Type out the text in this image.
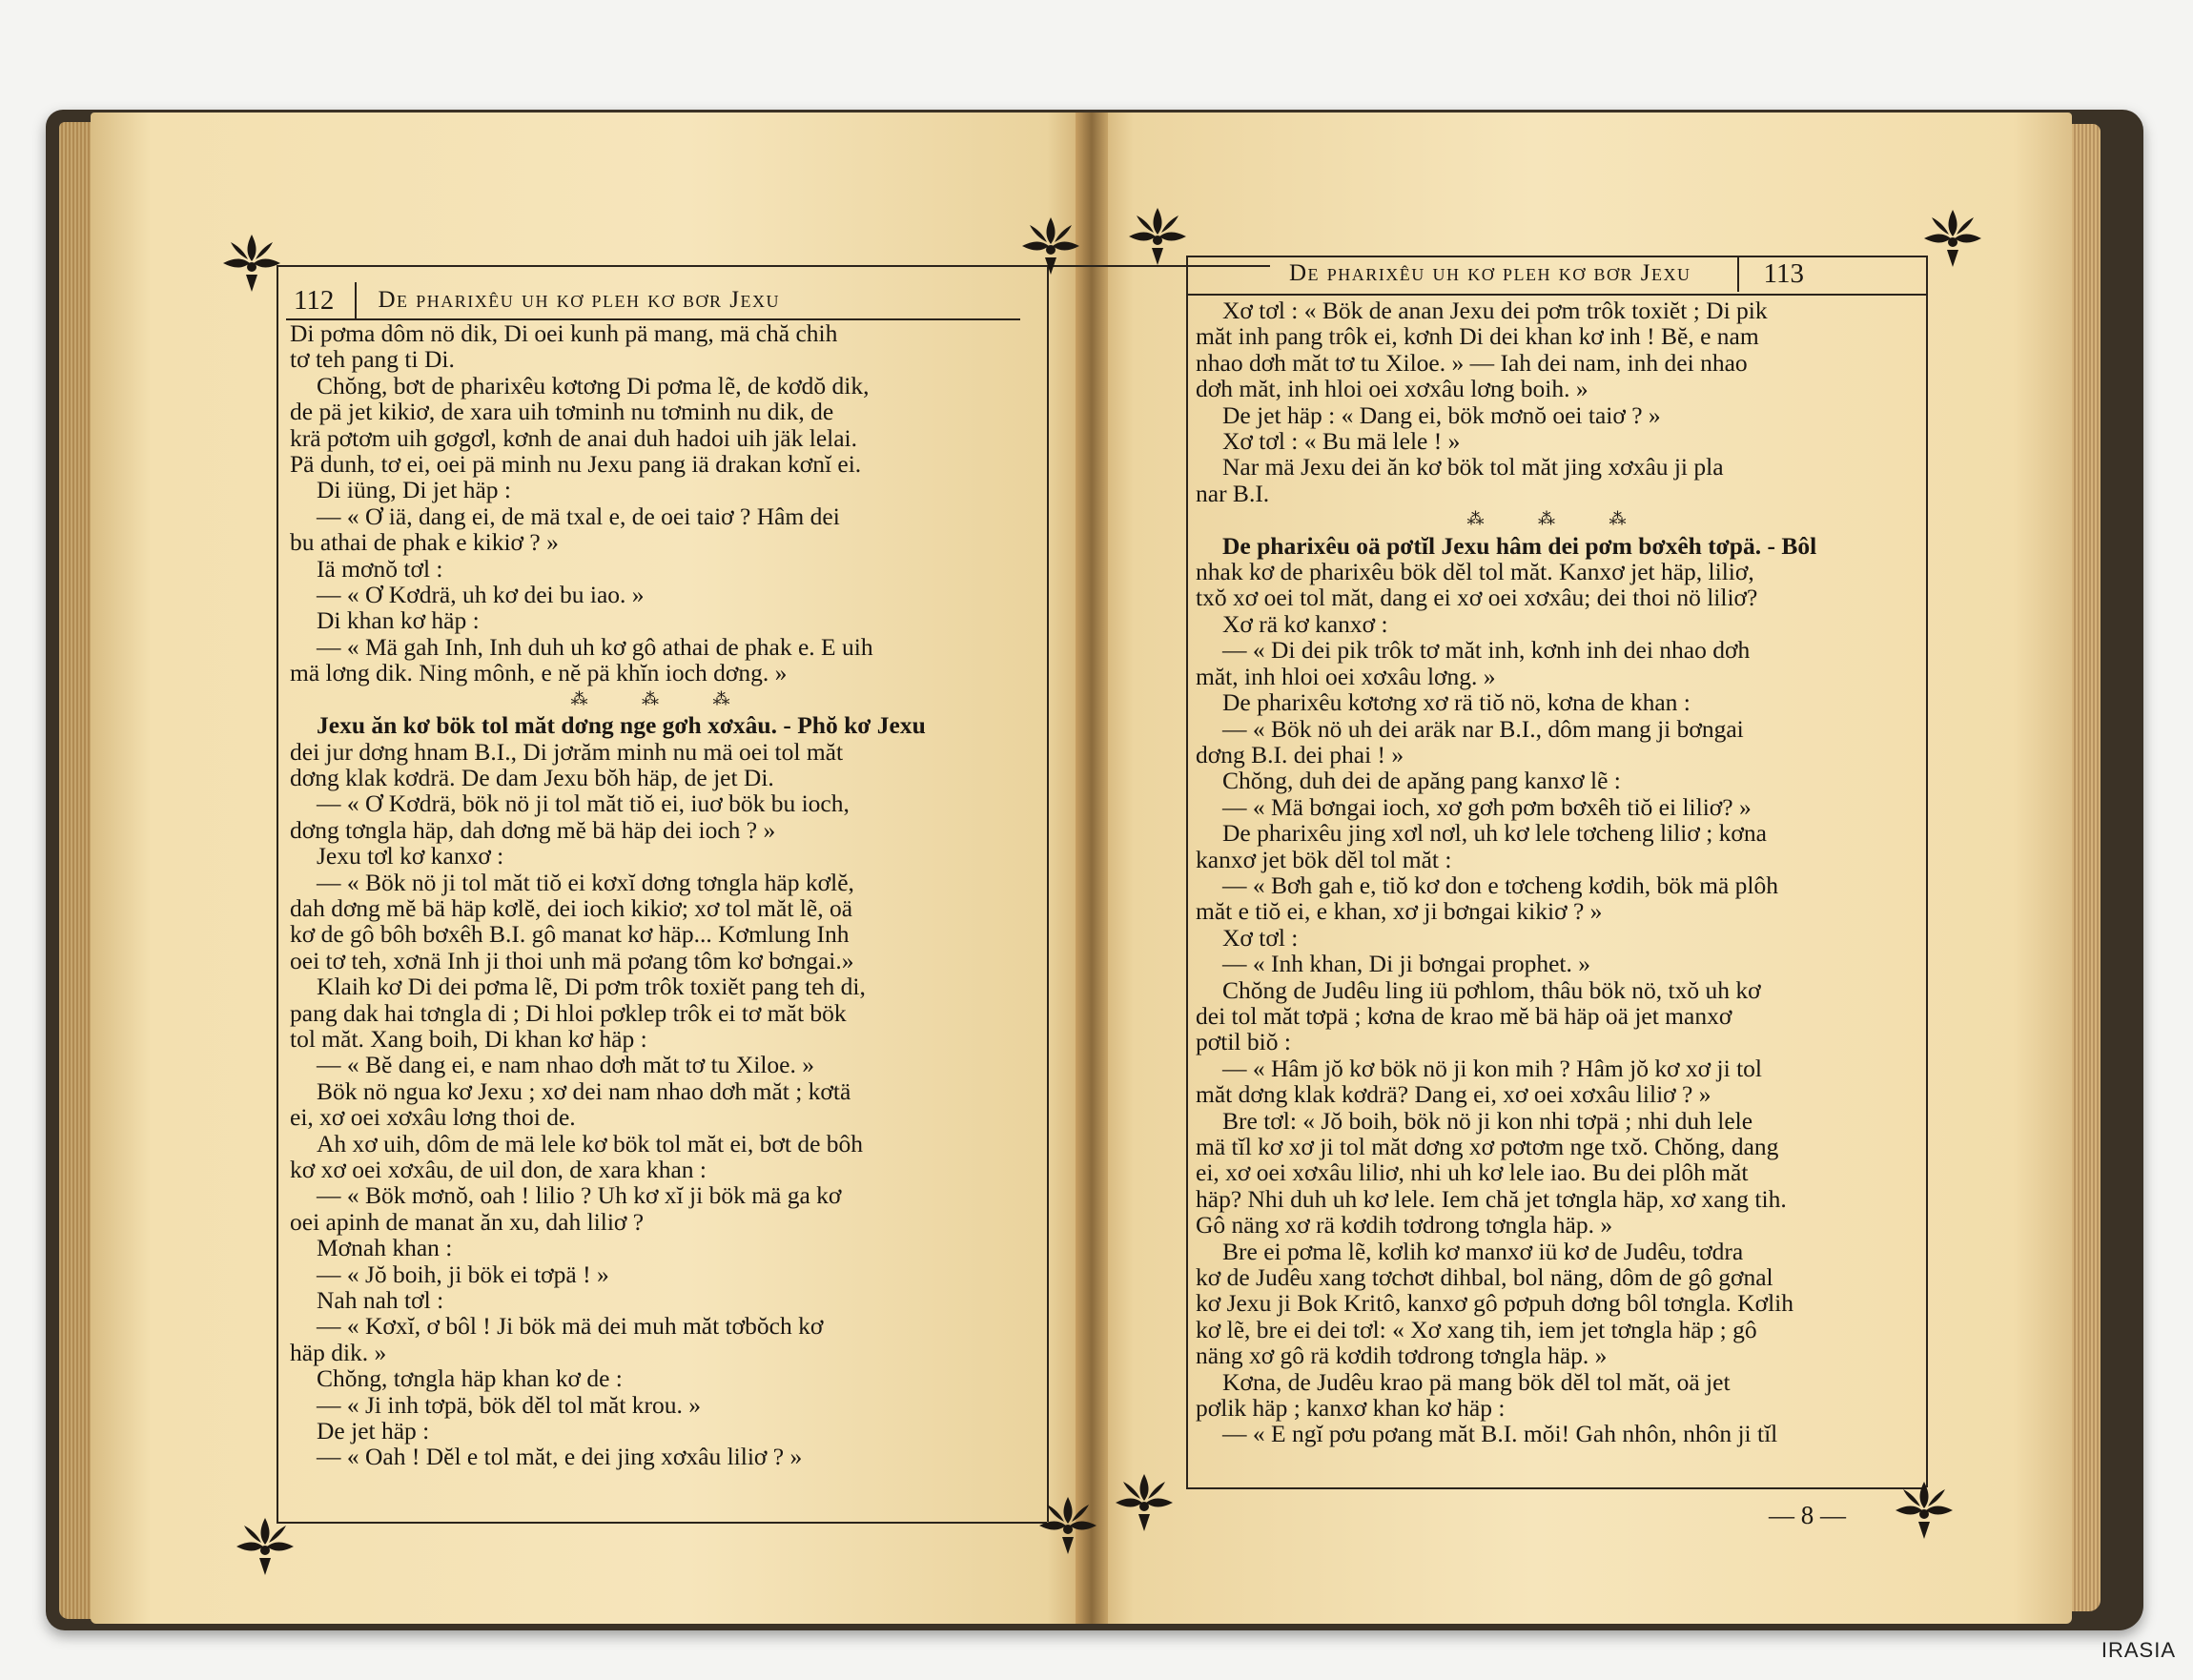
112 De pharixêu uh kơ pleh kơ bơr Jexu
De pharixêu uh kơ pleh kơ bơr Jexu	113
Di pơma dôm nö dik, Di oei kunh pä mang, mä chă chih
tơ teh pang ti Di.
Chŏng, bơt de pharixêu kơtơng Di pơma lẽ, de kơdŏ dik,
de pä jet kikiơ, de xara uih tơminh nu tơminh nu dik, de
krä pơtơm uih gơgơl, kơnh de anai duh hadoi uih jäk lelai.
Pä dunh, tơ ei, oei pä minh nu Jexu pang iä drakan kơnĭ ei.
Di iüng, Di jet häp :
— « Ơ iä, dang ei, de mä txal e, de oei taiơ ? Hâm dei
bu athai de phak e kikiơ ? »
Iä mơnŏ tơl :
— « Ơ Kơdrä, uh kơ dei bu iao. »
Di khan kơ häp :
— « Mä gah Inh, Inh duh uh kơ gô athai de phak e. E uih
mä lơng dik. Ning mônh, e nĕ pä khĭn ioch dơng. »
⁂ ⁂ ⁂
Jexu ăn kơ bök tol măt dơng nge gơh xơxâu. - Phŏ kơ Jexu
dei jur dơng hnam B.I., Di jơrăm minh nu mä oei tol măt
dơng klak kơdrä. De dam Jexu bŏh häp, de jet Di.
— « Ơ Kơdrä, bök nö ji tol măt tiŏ ei, iuơ bök bu ioch,
dơng tơngla häp, dah dơng mĕ bä häp dei ioch ? »
Jexu tơl kơ kanxơ :
— « Bök nö ji tol măt tiŏ ei kơxĭ dơng tơngla häp kơlĕ,
dah dơng mĕ bä häp kơlĕ, dei ioch kikiơ; xơ tol măt lẽ, oä
kơ de gô bôh bơxêh B.I. gô manat kơ häp... Kơmlung Inh
oei tơ teh, xơnä Inh ji thoi unh mä pơang tôm kơ bơngai.»
Klaih kơ Di dei pơma lẽ, Di pơm trôk toxiĕt pang teh di,
pang dak hai tơngla di ; Di hloi pơklep trôk ei tơ măt bök
tol măt. Xang boih, Di khan kơ häp :
— « Bĕ dang ei, e nam nhao dơh măt tơ tu Xiloe. »
Bök nö ngua kơ Jexu ; xơ dei nam nhao dơh măt ; kơtä
ei, xơ oei xơxâu lơng thoi de.
Ah xơ uih, dôm de mä lele kơ bök tol măt ei, bơt de bôh
kơ xơ oei xơxâu, de uil don, de xara khan :
— « Bök mơnŏ, oah ! lilio ? Uh kơ xĭ ji bök mä ga kơ
oei apinh de manat ăn xu, dah liliơ ?
Mơnah khan :
— « Jŏ boih, ji bök ei tơpä ! »
Nah nah tơl :
— « Kơxĭ, ơ bôl ! Ji bök mä dei muh măt tơbŏch kơ
häp dik. »
Chŏng, tơngla häp khan kơ de :
— « Ji inh tơpä, bök dĕl tol măt krou. »
De jet häp :
— « Oah ! Dĕl e tol măt, e dei jing xơxâu liliơ ? »
Xơ tơl : « Bök de anan Jexu dei pơm trôk toxiĕt ; Di pik
măt inh pang trôk ei, kơnh Di dei khan kơ inh ! Bĕ, e nam
nhao dơh măt tơ tu Xiloe. » — Iah dei nam, inh dei nhao
dơh măt, inh hloi oei xơxâu lơng boih. »
De jet häp : « Dang ei, bök mơnŏ oei taiơ ? »
Xơ tơl : « Bu mä lele ! »
Nar mä Jexu dei ăn kơ bök tol măt jing xơxâu ji pla
nar B.I.
⁂ ⁂ ⁂
De pharixêu oä pơtĭl Jexu hâm dei pơm bơxêh tơpä. - Bôl
nhak kơ de pharixêu bök dĕl tol măt. Kanxơ jet häp, liliơ,
txŏ xơ oei tol măt, dang ei xơ oei xơxâu; dei thoi nö liliơ?
Xơ rä kơ kanxơ :
— « Di dei pik trôk tơ măt inh, kơnh inh dei nhao dơh
măt, inh hloi oei xơxâu lơng. »
De pharixêu kơtơng xơ rä tiŏ nö, kơna de khan :
— « Bök nö uh dei aräk nar B.I., dôm mang ji bơngai
dơng B.I. dei phai ! »
Chŏng, duh dei de apăng pang kanxơ lẽ :
— « Mä bơngai ioch, xơ gơh pơm bơxêh tiŏ ei liliơ? »
De pharixêu jing xơl nơl, uh kơ lele tơcheng liliơ ; kơna
kanxơ jet bök dĕl tol măt :
— « Bơh gah e, tiŏ kơ don e tơcheng kơdih, bök mä plôh
măt e tiŏ ei, e khan, xơ ji bơngai kikiơ ? »
Xơ tơl :
— « Inh khan, Di ji bơngai prophet. »
Chŏng de Judêu ling iü pơhlom, thâu bök nö, txŏ uh kơ
dei tol măt tơpä ; kơna de krao mĕ bä häp oä jet manxơ
pơtil biŏ :
— « Hâm jŏ kơ bök nö ji kon mih ? Hâm jŏ kơ xơ ji tol
măt dơng klak kơdrä? Dang ei, xơ oei xơxâu liliơ ? »
Bre tơl: « Jŏ boih, bök nö ji kon nhi tơpä ; nhi duh lele
mä tĭl kơ xơ ji tol măt dơng xơ pơtơm nge txŏ. Chŏng, dang
ei, xơ oei xơxâu liliơ, nhi uh kơ lele iao. Bu dei plôh măt
häp? Nhi duh uh kơ lele. Iem chă jet tơngla häp, xơ xang tih.
Gô näng xơ rä kơdih tơdrong tơngla häp. »
Bre ei pơma lẽ, kơlih kơ manxơ iü kơ de Judêu, tơdra
kơ de Judêu xang tơchơt dihbal, bol näng, dôm de gô gơnal
kơ Jexu ji Bok Kritô, kanxơ gô pơpuh dơng bôl tơngla. Kơlih
kơ lẽ, bre ei dei tơl: « Xơ xang tih, iem jet tơngla häp ; gô
näng xơ gô rä kơdih tơdrong tơngla häp. »
Kơna, de Judêu krao pä mang bök dĕl tol măt, oä jet
pơlik häp ; kanxơ khan kơ häp :
— « E ngĭ pơu pơang măt B.I. mŏi! Gah nhôn, nhôn ji tĭl
— 8 —
IRASIA
